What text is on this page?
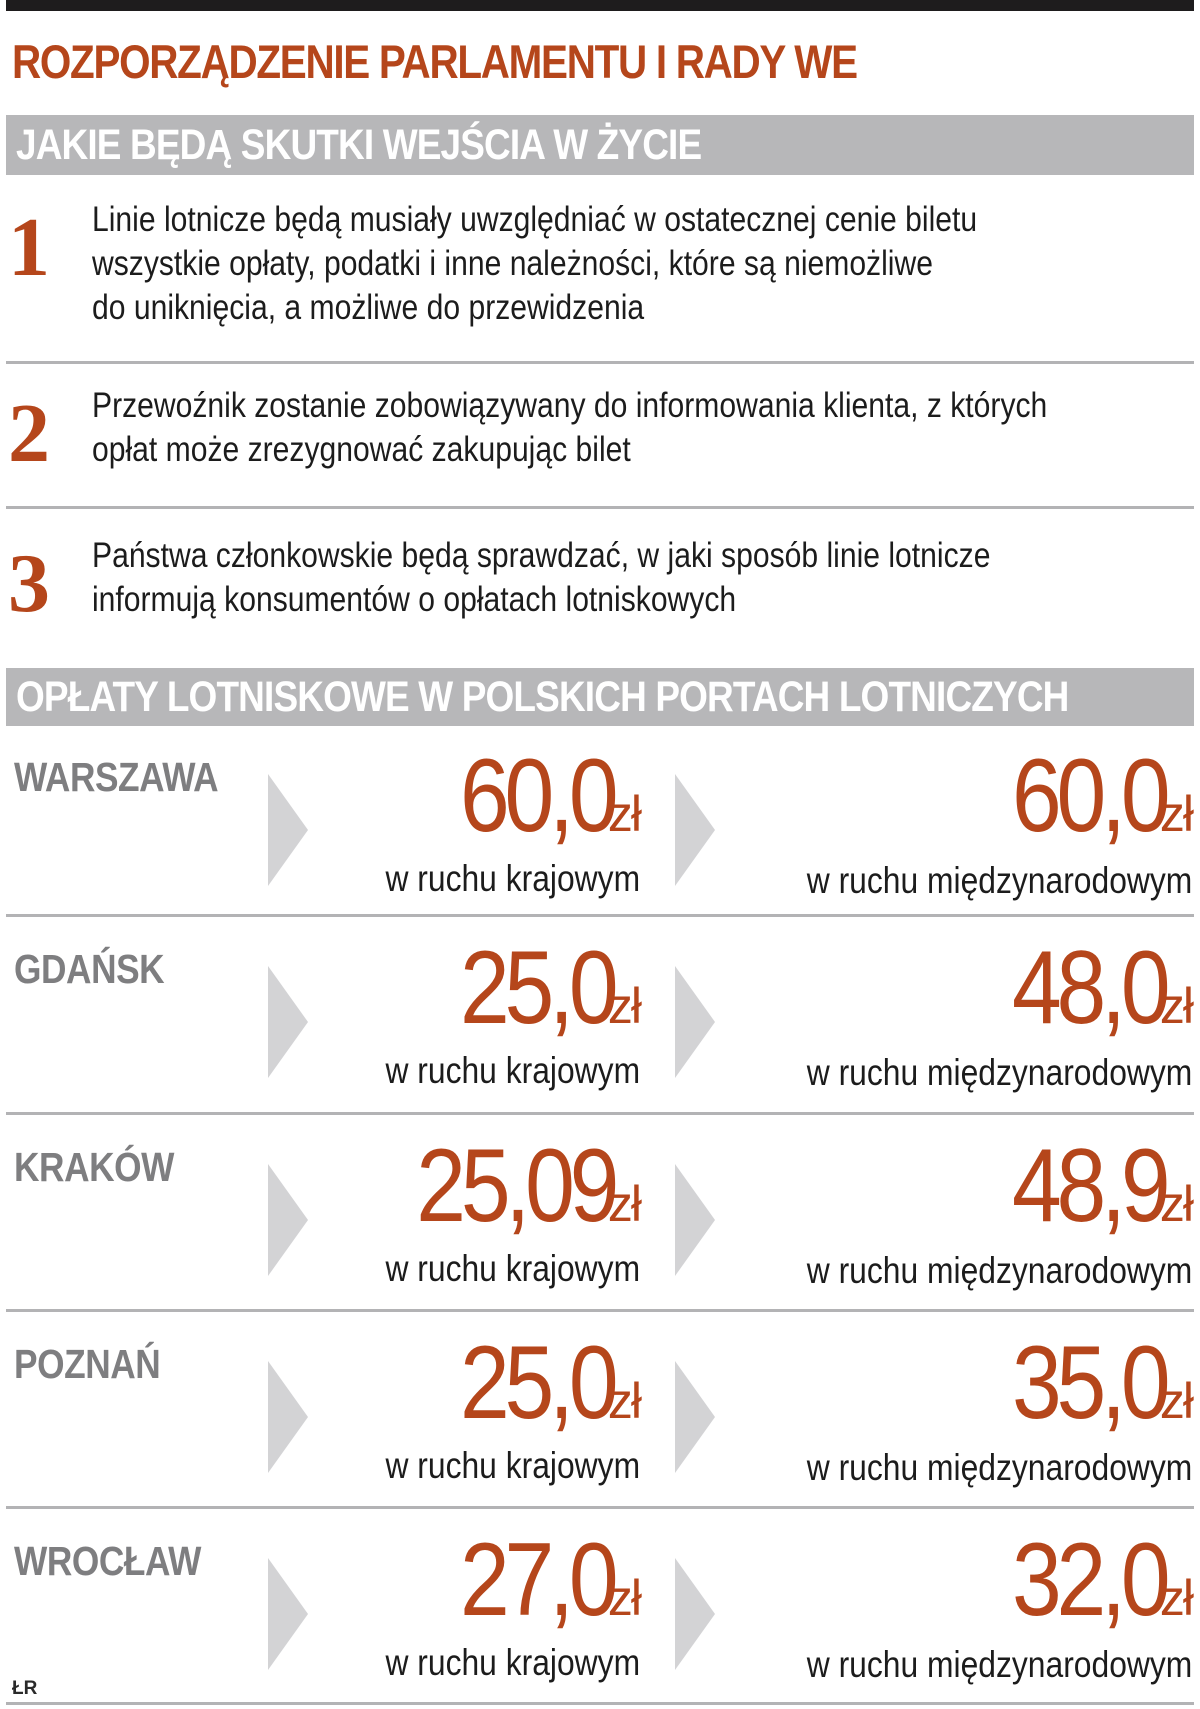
ROZPORZĄDZENIE PARLAMENTU I RADY WE
JAKIE BĘDĄ SKUTKI WEJŚCIA W ŻYCIE
1 Linie lotnicze będą musiały uwzględniać w ostatecznej cenie biletu
wszystkie opłaty, podatki i inne należności, które są niemożliwe
do uniknięcia, a możliwe do przewidzenia
2 Przewoźnik zostanie zobowiązywany do informowania klienta, z których
opłat może zrezygnować zakupując bilet
3 Państwa członkowskie będą sprawdzać, w jaki sposób linie lotnicze
informują konsumentów o opłatach lotniskowych
OPŁATY LOTNISKOWE W POLSKICH PORTACH LOTNICZYCH
WARSZAWA 60,0zł
w ruchu krajowym
60,0zł
w ruchu międzynarodowym
GDAŃSK	25,0zł
w ruchu krajowym
48,0zł
w ruchu międzynarodowym
KRAKÓW	25,09zł
w ruchu krajowym
48,9zł
w ruchu międzynarodowym
POZNAŃ	25,0zł
w ruchu krajowym
35,0zł
w ruchu międzynarodowym
WROCŁAW 27,0zł
w ruchu krajowym
32,0zł
w ruchu międzynarodowym
ŁR
